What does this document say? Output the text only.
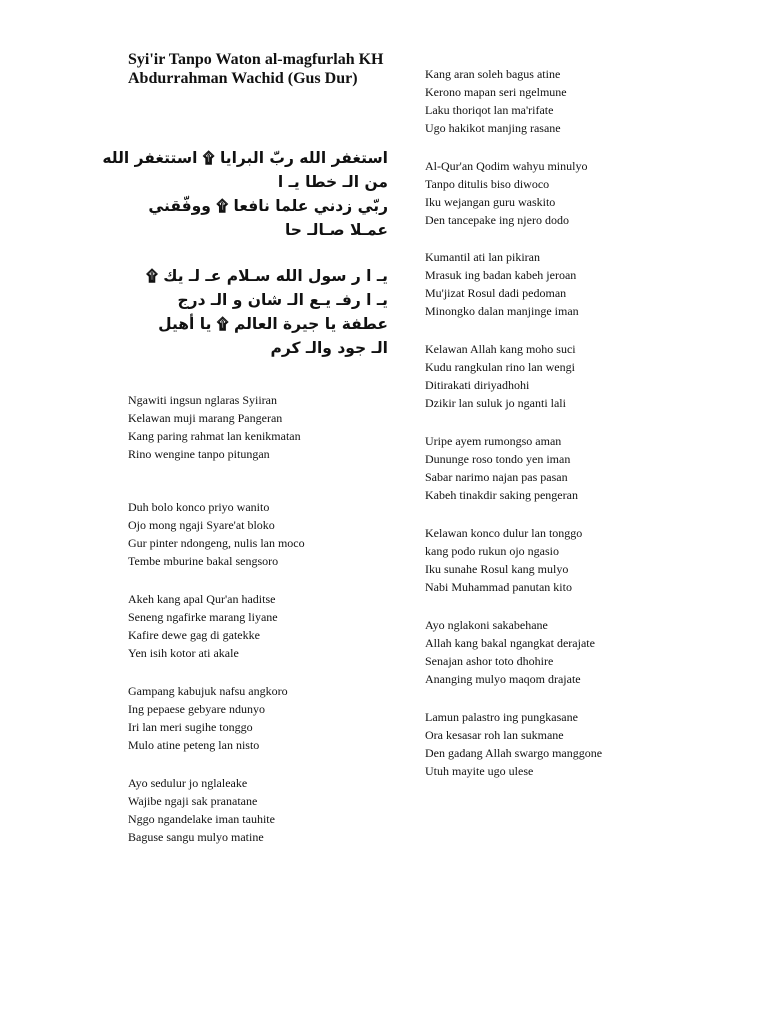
Syi'ir Tanpo Waton al-magfurlah KH Abdurrahman Wachid (Gus Dur)
استغفر الله ربّ البرايا ۩ استتغفر الله
من الـ خطا يـ ا
ربّي زدني علما نافعا ۩ ووفّقني
عمـلا صـالـ حا
يـ ا ر سول الله سـلام عـ لـ يك ۩
يـ ا رفـ يـع الـ شان و الـ درج
عطفة يا جيرة العالم ۩ يا أهيل
الـ جود والـ كرم
Ngawiti ingsun nglaras Syiiran
Kelawan muji marang Pangeran
Kang paring rahmat lan kenikmatan
Rino wengine tanpo pitungan
Duh bolo konco priyo wanito
Ojo mong ngaji Syare'at bloko
Gur pinter ndongeng, nulis lan moco
Tembe mburine bakal sengsoro
Akeh kang apal Qur'an haditse
Seneng ngafirke marang liyane
Kafire dewe gag di gatekke
Yen isih kotor ati akale
Gampang kabujuk nafsu angkoro
Ing pepaese gebyare ndunyo
Iri lan meri sugihe tonggo
Mulo atine peteng lan nisto
Ayo sedulur jo nglaleake
Wajibe ngaji sak pranatane
Nggo ngandelake iman tauhite
Baguse sangu mulyo matine
Kang aran soleh bagus atine
Kerono mapan seri ngelmune
Laku thoriqot lan ma'rifate
Ugo hakikot manjing rasane
Al-Qur'an Qodim wahyu minulyo
Tanpo ditulis biso diwoco
Iku wejangan guru waskito
Den tancepake ing njero dodo
Kumantil ati lan pikiran
Mrasuk ing badan kabeh jeroan
Mu'jizat Rosul dadi pedoman
Minongko dalan manjinge iman
Kelawan Allah kang moho suci
Kudu rangkulan rino lan wengi
Ditirakati diriyadhohi
Dzikir lan suluk jo nganti lali
Uripe ayem rumongso aman
Dununge roso tondo yen iman
Sabar narimo najan pas pasan
Kabeh tinakdir saking pengeran
Kelawan konco dulur lan tonggo
kang podo rukun ojo ngasio
Iku sunahe Rosul kang mulyo
Nabi Muhammad panutan kito
Ayo nglakoni sakabehane
Allah kang bakal ngangkat derajate
Senajan ashor toto dhohire
Ananging mulyo maqom drajate
Lamun palastro ing pungkasane
Ora kesasar roh lan sukmane
Den gadang Allah swargo manggone
Utuh mayite ugo ulese
